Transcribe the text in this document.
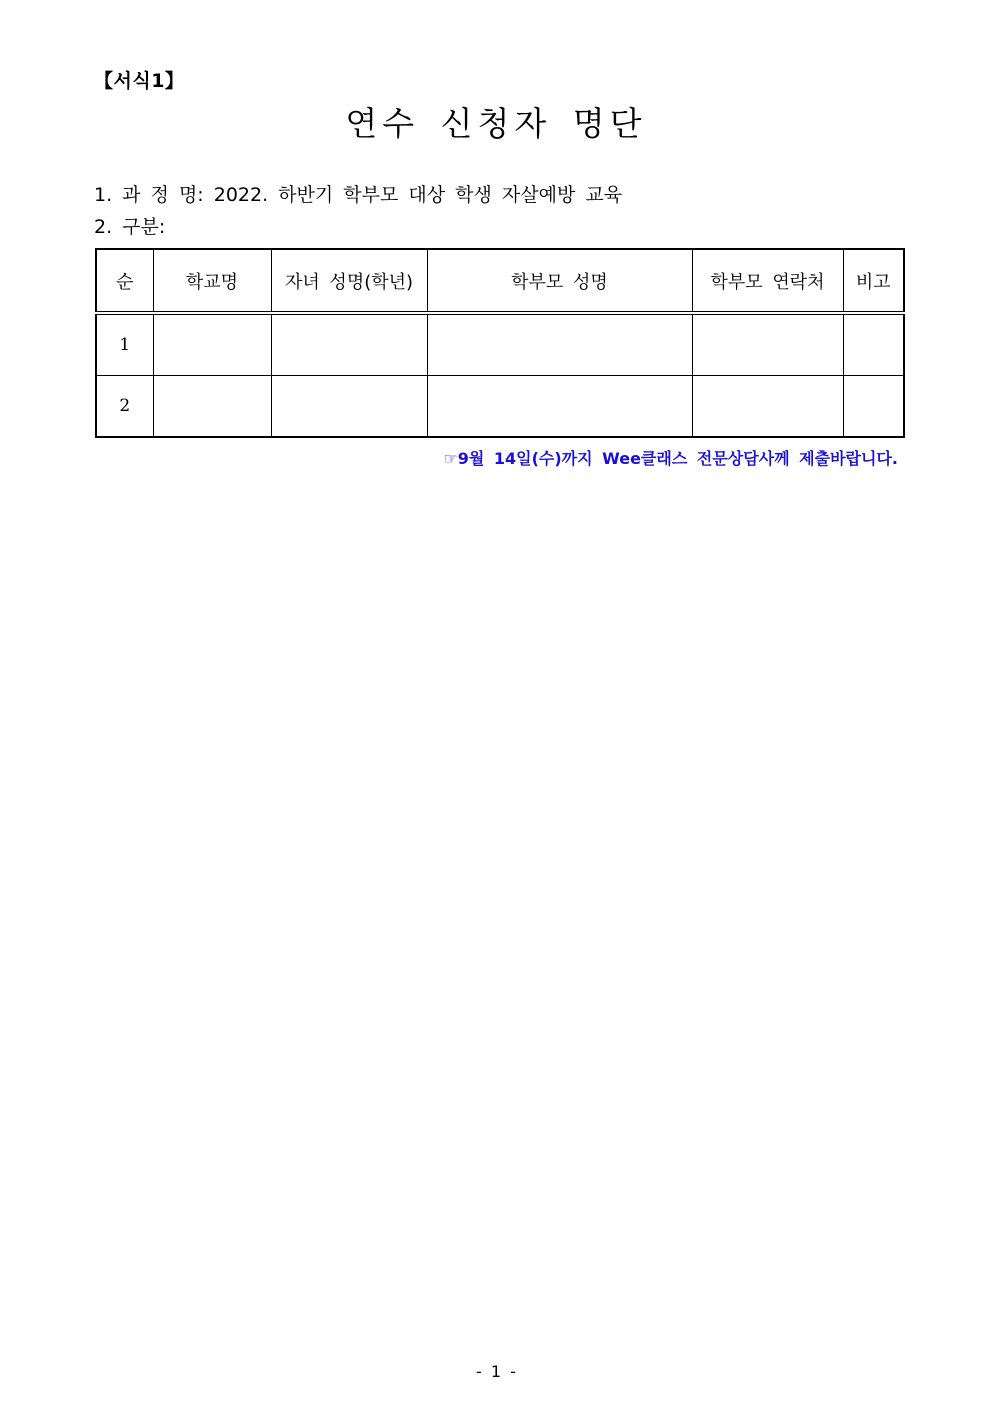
【서식1】
연수 신청자 명단
1. 과 정 명: 2022. 하반기 학부모 대상 학생 자살예방 교육
2. 구분:
순	학교명	자녀 성명(학년)	학부모 성명	학부모 연락처	비고
1					
2					
☞9월 14일(수)까지 Wee클래스 전문상담사께 제출바랍니다.
- 1 -
